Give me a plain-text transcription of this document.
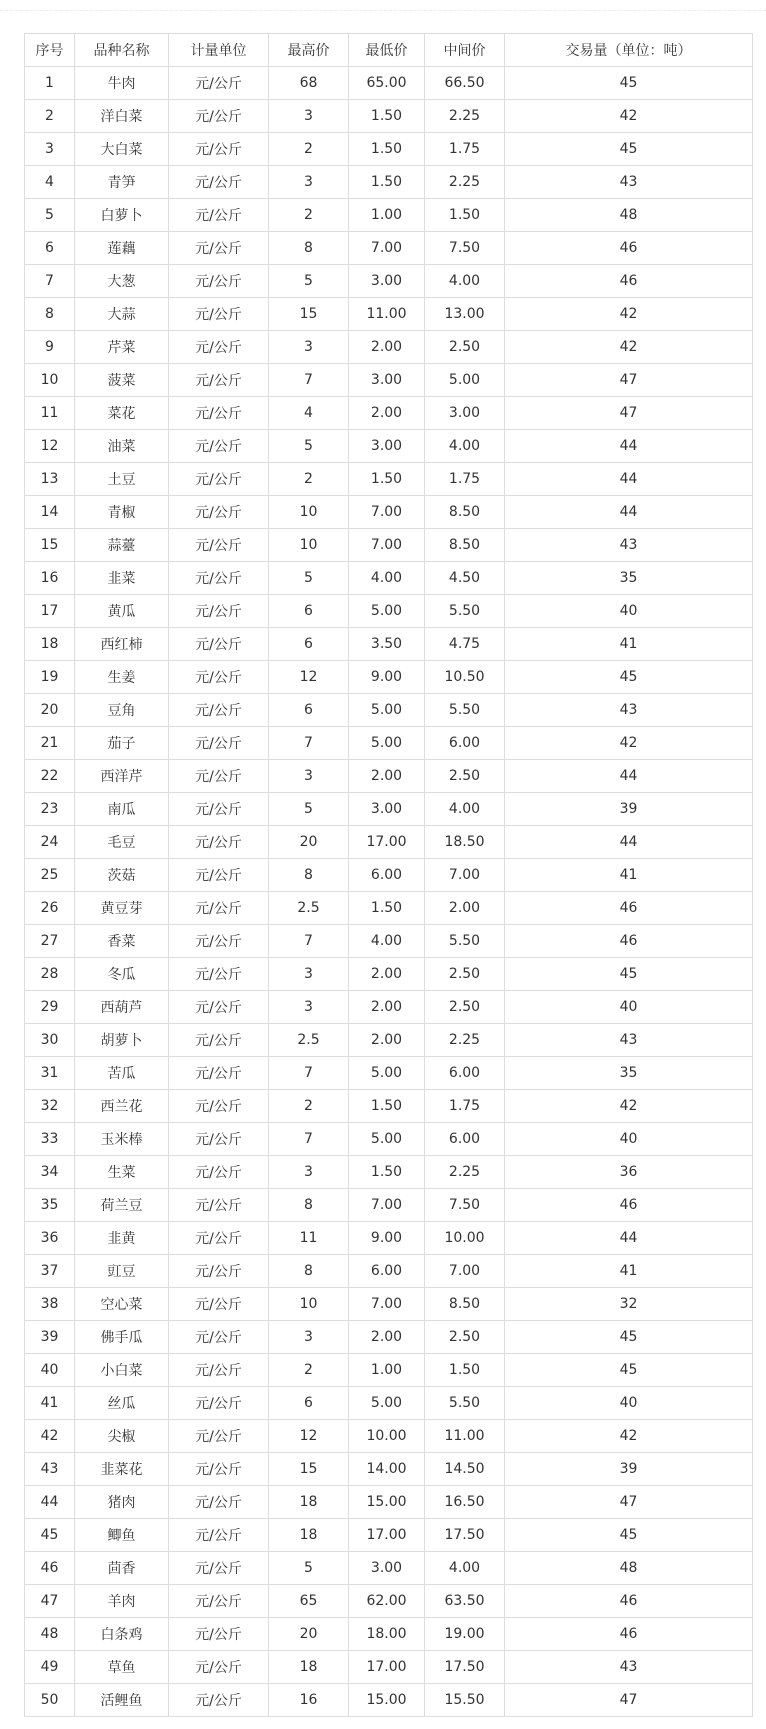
序号	品种名称	计量单位	最高价	最低价	中间价	交易量（单位：吨）
1	牛肉	元/公斤	68	65.00	66.50	45
2	洋白菜	元/公斤	3	1.50	2.25	42
3	大白菜	元/公斤	2	1.50	1.75	45
4	青笋	元/公斤	3	1.50	2.25	43
5	白萝卜	元/公斤	2	1.00	1.50	48
6	莲藕	元/公斤	8	7.00	7.50	46
7	大葱	元/公斤	5	3.00	4.00	46
8	大蒜	元/公斤	15	11.00	13.00	42
9	芹菜	元/公斤	3	2.00	2.50	42
10	菠菜	元/公斤	7	3.00	5.00	47
11	菜花	元/公斤	4	2.00	3.00	47
12	油菜	元/公斤	5	3.00	4.00	44
13	土豆	元/公斤	2	1.50	1.75	44
14	青椒	元/公斤	10	7.00	8.50	44
15	蒜薹	元/公斤	10	7.00	8.50	43
16	韭菜	元/公斤	5	4.00	4.50	35
17	黄瓜	元/公斤	6	5.00	5.50	40
18	西红柿	元/公斤	6	3.50	4.75	41
19	生姜	元/公斤	12	9.00	10.50	45
20	豆角	元/公斤	6	5.00	5.50	43
21	茄子	元/公斤	7	5.00	6.00	42
22	西洋芹	元/公斤	3	2.00	2.50	44
23	南瓜	元/公斤	5	3.00	4.00	39
24	毛豆	元/公斤	20	17.00	18.50	44
25	茨菇	元/公斤	8	6.00	7.00	41
26	黄豆芽	元/公斤	2.5	1.50	2.00	46
27	香菜	元/公斤	7	4.00	5.50	46
28	冬瓜	元/公斤	3	2.00	2.50	45
29	西葫芦	元/公斤	3	2.00	2.50	40
30	胡萝卜	元/公斤	2.5	2.00	2.25	43
31	苦瓜	元/公斤	7	5.00	6.00	35
32	西兰花	元/公斤	2	1.50	1.75	42
33	玉米棒	元/公斤	7	5.00	6.00	40
34	生菜	元/公斤	3	1.50	2.25	36
35	荷兰豆	元/公斤	8	7.00	7.50	46
36	韭黄	元/公斤	11	9.00	10.00	44
37	豇豆	元/公斤	8	6.00	7.00	41
38	空心菜	元/公斤	10	7.00	8.50	32
39	佛手瓜	元/公斤	3	2.00	2.50	45
40	小白菜	元/公斤	2	1.00	1.50	45
41	丝瓜	元/公斤	6	5.00	5.50	40
42	尖椒	元/公斤	12	10.00	11.00	42
43	韭菜花	元/公斤	15	14.00	14.50	39
44	猪肉	元/公斤	18	15.00	16.50	47
45	鲫鱼	元/公斤	18	17.00	17.50	45
46	茴香	元/公斤	5	3.00	4.00	48
47	羊肉	元/公斤	65	62.00	63.50	46
48	白条鸡	元/公斤	20	18.00	19.00	46
49	草鱼	元/公斤	18	17.00	17.50	43
50	活鲤鱼	元/公斤	16	15.00	15.50	47
